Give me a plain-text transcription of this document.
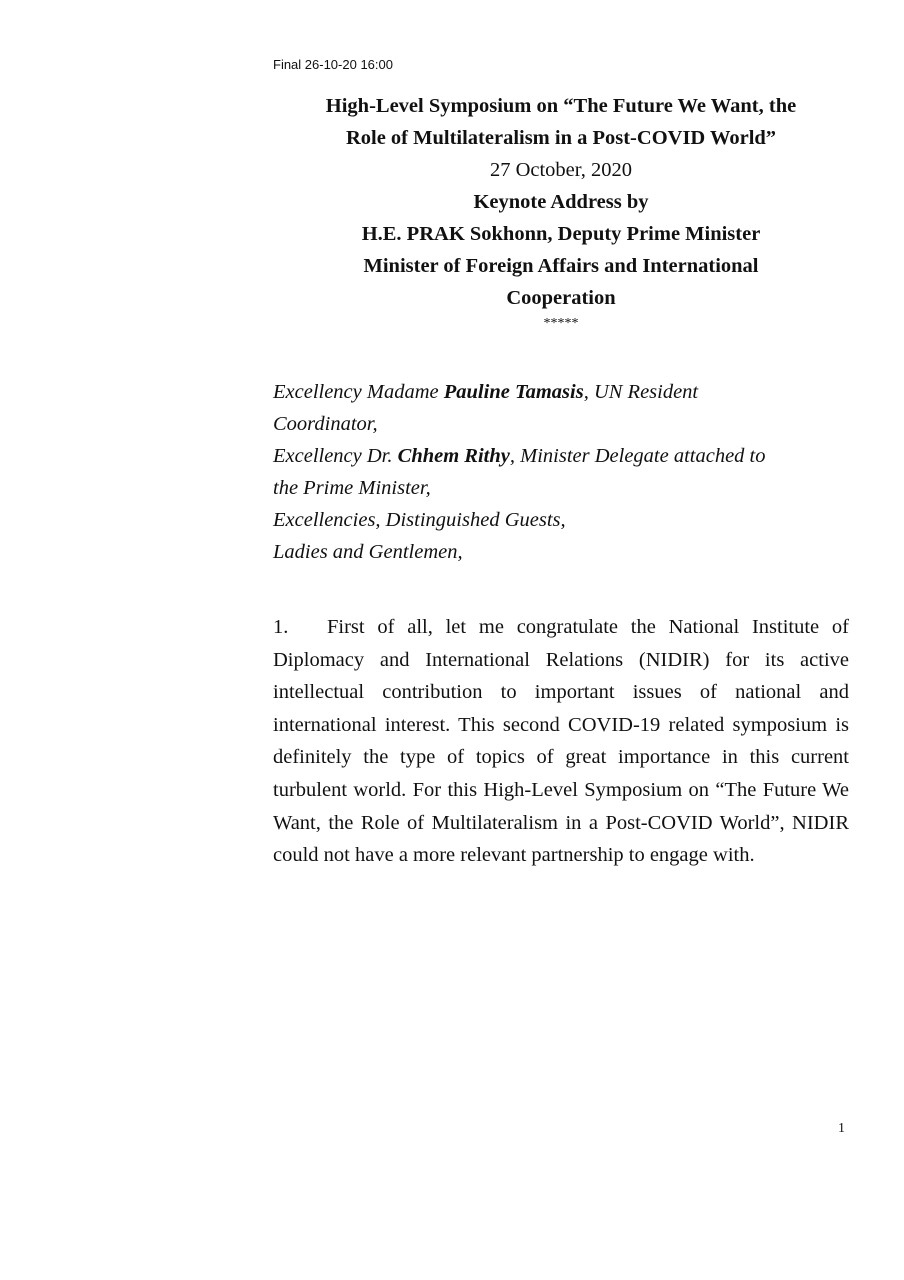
Final 26-10-20 16:00
High-Level Symposium on “The Future We Want, the
Role of Multilateralism in a Post-COVID World”
27 October, 2020
Keynote Address by
H.E. PRAK Sokhonn, Deputy Prime Minister
Minister of Foreign Affairs and International
Cooperation
*****
Excellency Madame Pauline Tamasis, UN Resident
Coordinator,
Excellency Dr. Chhem Rithy, Minister Delegate attached to
the Prime Minister,
Excellencies, Distinguished Guests,
Ladies and Gentlemen,

1. First of all, let me congratulate the National Institute of Diplomacy and International Relations (NIDIR) for its active intellectual contribution to important issues of national and international interest. This second COVID-19 related symposium is definitely the type of topics of great importance in this current turbulent world. For this High-Level Symposium on “The Future We Want, the Role of Multilateralism in a Post-COVID World”, NIDIR could not have a more relevant partnership to engage with.

1
